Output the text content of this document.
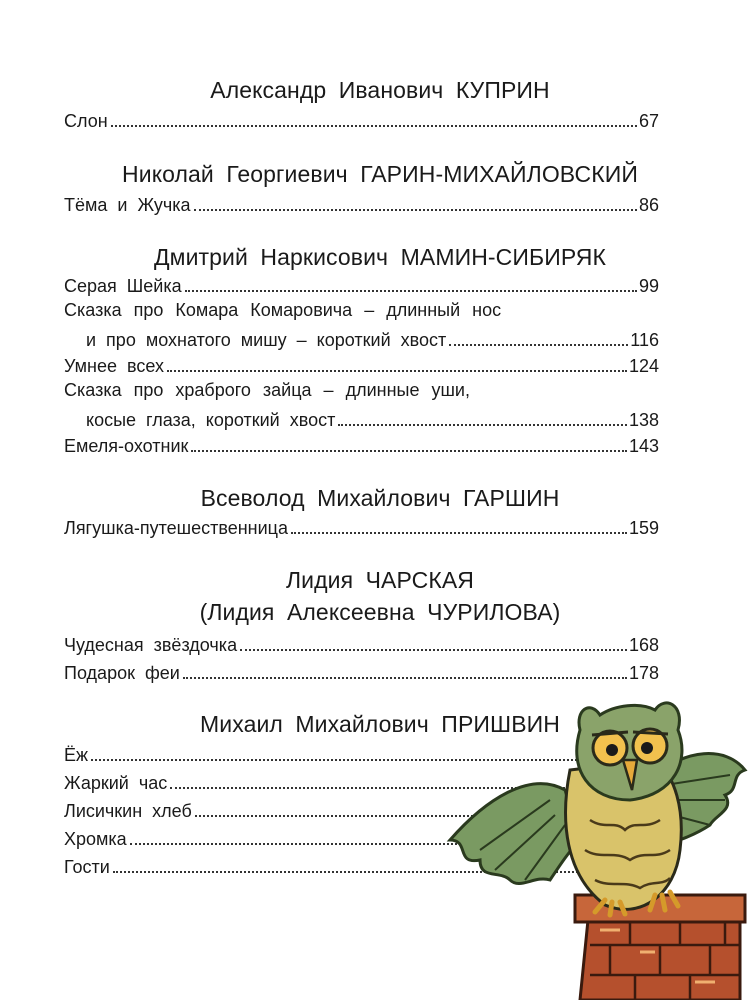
Александр Иванович КУПРИН
Слон	67
Николай Георгиевич ГАРИН-МИХАЙЛОВСКИЙ
Тёма и Жучка	86
Дмитрий Наркисович МАМИН-СИБИРЯК
Серая Шейка	99
Сказка про Комара Комаровича – длинный нос
и про мохнатого мишу – короткий хвост	116
Умнее всех	124
Сказка про храброго зайца – длинные уши,
косые глаза, короткий хвост	138
Емеля-охотник	143
Всеволод Михайлович ГАРШИН
Лягушка-путешественница	159
Лидия ЧАРСКАЯ
(Лидия Алексеевна ЧУРИЛОВА)
Чудесная звёздочка	168
Подарок феи	178
Михаил Михайлович ПРИШВИН
Ёж
Жаркий час
Лисичкин хлеб
Хромка
Гости
